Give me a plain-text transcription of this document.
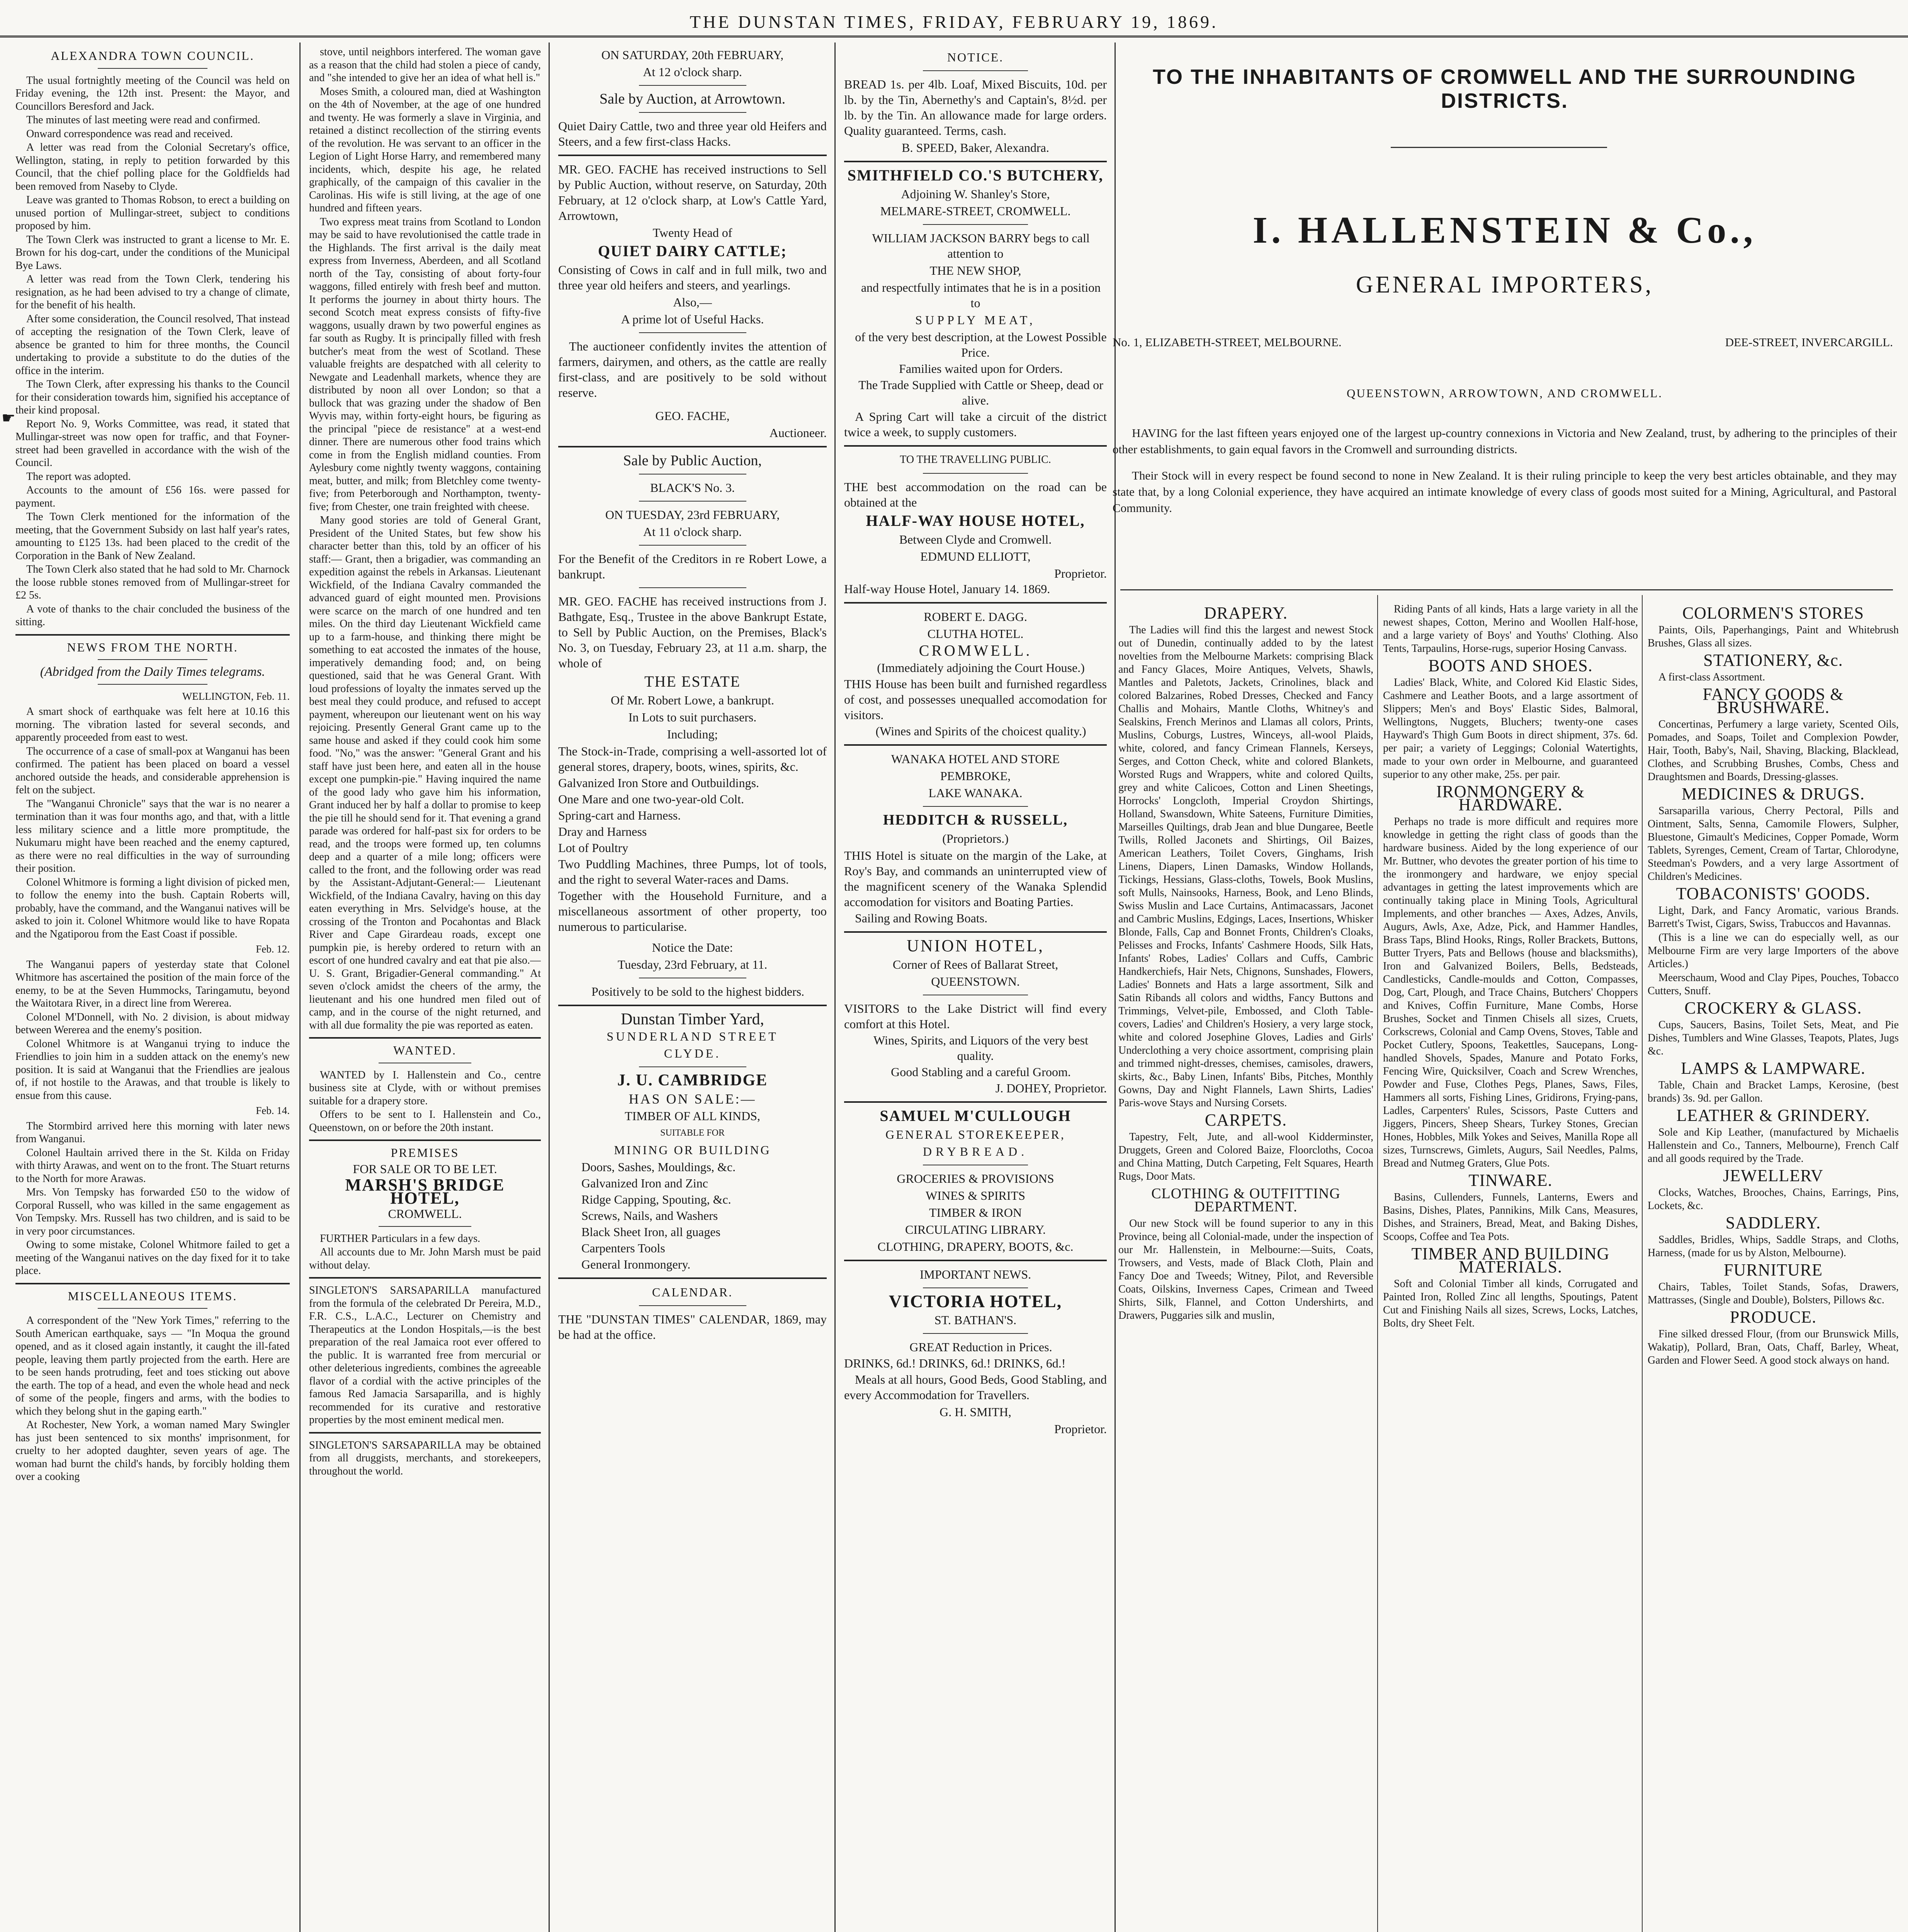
THE DUNSTAN TIMES, FRIDAY, FEBRUARY 19, 1869.
☛
ALEXANDRA TOWN COUNCIL.

The usual fortnightly meeting of the Council was held on Friday evening, the 12th inst. Present: the Mayor, and Councillors Beresford and Jack.

The minutes of last meeting were read and confirmed.

Onward correspondence was read and received.

A letter was read from the Colonial Secretary's office, Wellington, stating, in reply to petition forwarded by this Council, that the chief polling place for the Goldfields had been removed from Naseby to Clyde.

Leave was granted to Thomas Robson, to erect a building on unused portion of Mullingar-street, subject to conditions proposed by him.

The Town Clerk was instructed to grant a license to Mr. E. Brown for his dog-cart, under the conditions of the Municipal Bye Laws.

A letter was read from the Town Clerk, tendering his resignation, as he had been advised to try a change of climate, for the benefit of his health.

After some consideration, the Council resolved, That instead of accepting the resignation of the Town Clerk, leave of absence be granted to him for three months, the Council undertaking to provide a substitute to do the duties of the office in the interim.

The Town Clerk, after expressing his thanks to the Council for their consideration towards him, signified his acceptance of their kind proposal.

Report No. 9, Works Committee, was read, it stated that Mullingar-street was now open for traffic, and that Foyner-street had been gravelled in accordance with the wish of the Council.

The report was adopted.

Accounts to the amount of £56 16s. were passed for payment.

The Town Clerk mentioned for the information of the meeting, that the Government Subsidy on last half year's rates, amounting to £125 13s. had been placed to the credit of the Corporation in the Bank of New Zealand.

The Town Clerk also stated that he had sold to Mr. Charnock the loose rubble stones removed from of Mullingar-street for £2 5s.

A vote of thanks to the chair concluded the business of the sitting.

NEWS FROM THE NORTH.
(Abridged from the Daily Times telegrams.
WELLINGTON, Feb. 11.

A smart shock of earthquake was felt here at 10.16 this morning. The vibration lasted for several seconds, and apparently proceeded from east to west.

The occurrence of a case of small-pox at Wanganui has been confirmed. The patient has been placed on board a vessel anchored outside the heads, and considerable apprehension is felt on the subject.

The "Wanganui Chronicle" says that the war is no nearer a termination than it was four months ago, and that, with a little less military science and a little more promptitude, the Nukumaru might have been reached and the enemy captured, as there were no real difficulties in the way of surrounding their position.

Colonel Whitmore is forming a light division of picked men, to follow the enemy into the bush. Captain Roberts will, probably, have the command, and the Wanganui natives will be asked to join it. Colonel Whitmore would like to have Ropata and the Ngatiporou from the East Coast if possible.

Feb. 12.

The Wanganui papers of yesterday state that Colonel Whitmore has ascertained the position of the main force of the enemy, to be at the Seven Hummocks, Taringamutu, beyond the Waitotara River, in a direct line from Wererea.

Colonel M'Donnell, with No. 2 division, is about midway between Wererea and the enemy's position.

Colonel Whitmore is at Wanganui trying to induce the Friendlies to join him in a sudden attack on the enemy's new position. It is said at Wanganui that the Friendlies are jealous of, if not hostile to the Arawas, and that trouble is likely to ensue from this cause.

Feb. 14.

The Stormbird arrived here this morning with later news from Wanganui.

Colonel Haultain arrived there in the St. Kilda on Friday with thirty Arawas, and went on to the front. The Stuart returns to the North for more Arawas.

Mrs. Von Tempsky has forwarded £50 to the widow of Corporal Russell, who was killed in the same engagement as Von Tempsky. Mrs. Russell has two children, and is said to be in very poor circumstances.

Owing to some mistake, Colonel Whitmore failed to get a meeting of the Wanganui natives on the day fixed for it to take place.

MISCELLANEOUS ITEMS.

A correspondent of the "New York Times," referring to the South American earthquake, says — "In Moqua the ground opened, and as it closed again instantly, it caught the ill-fated people, leaving them partly projected from the earth. Here are to be seen hands protruding, feet and toes sticking out above the earth. The top of a head, and even the whole head and neck of some of the people, fingers and arms, with the bodies to which they belong shut in the gaping earth."

At Rochester, New York, a woman named Mary Swingler has just been sentenced to six months' imprisonment, for cruelty to her adopted daughter, seven years of age. The woman had burnt the child's hands, by forcibly holding them over a cooking

stove, until neighbors interfered. The woman gave as a reason that the child had stolen a piece of candy, and "she intended to give her an idea of what hell is."

Moses Smith, a coloured man, died at Washington on the 4th of November, at the age of one hundred and twenty. He was formerly a slave in Virginia, and retained a distinct recollection of the stirring events of the revolution. He was servant to an officer in the Legion of Light Horse Harry, and remembered many incidents, which, despite his age, he related graphically, of the campaign of this cavalier in the Carolinas. His wife is still living, at the age of one hundred and fifteen years.

Two express meat trains from Scotland to London may be said to have revolutionised the cattle trade in the Highlands. The first arrival is the daily meat express from Inverness, Aberdeen, and all Scotland north of the Tay, consisting of about forty-four waggons, filled entirely with fresh beef and mutton. It performs the journey in about thirty hours. The second Scotch meat express consists of fifty-five waggons, usually drawn by two powerful engines as far south as Rugby. It is principally filled with fresh butcher's meat from the west of Scotland. These valuable freights are despatched with all celerity to Newgate and Leadenhall markets, whence they are distributed by noon all over London; so that a bullock that was grazing under the shadow of Ben Wyvis may, within forty-eight hours, be figuring as the principal "piece de resistance" at a west-end dinner. There are numerous other food trains which come in from the English midland counties. From Aylesbury come nightly twenty waggons, containing meat, butter, and milk; from Bletchley come twenty-five; from Peterborough and Northampton, twenty-five; from Chester, one train freighted with cheese.

Many good stories are told of General Grant, President of the United States, but few show his character better than this, told by an officer of his staff:— Grant, then a brigadier, was commanding an expedition against the rebels in Arkansas. Lieutenant Wickfield, of the Indiana Cavalry commanded the advanced guard of eight mounted men. Provisions were scarce on the march of one hundred and ten miles. On the third day Lieutenant Wickfield came up to a farm-house, and thinking there might be something to eat accosted the inmates of the house, imperatively demanding food; and, on being questioned, said that he was General Grant. With loud professions of loyalty the inmates served up the best meal they could produce, and refused to accept payment, whereupon our lieutenant went on his way rejoicing. Presently General Grant came up to the same house and asked if they could cook him some food. "No," was the answer: "General Grant and his staff have just been here, and eaten all in the house except one pumpkin-pie." Having inquired the name of the good lady who gave him his information, Grant induced her by half a dollar to promise to keep the pie till he should send for it. That evening a grand parade was ordered for half-past six for orders to be read, and the troops were formed up, ten columns deep and a quarter of a mile long; officers were called to the front, and the following order was read by the Assistant-Adjutant-General:— Lieutenant Wickfield, of the Indiana Cavalry, having on this day eaten everything in Mrs. Selvidge's house, at the crossing of the Tronton and Pocahontas and Black River and Cape Girardeau roads, except one pumpkin pie, is hereby ordered to return with an escort of one hundred cavalry and eat that pie also.— U. S. Grant, Brigadier-General commanding." At seven o'clock amidst the cheers of the army, the lieutenant and his one hundred men filed out of camp, and in the course of the night returned, and with all due formality the pie was reported as eaten.

WANTED.

WANTED by I. Hallenstein and Co., centre business site at Clyde, with or without premises suitable for a drapery store.

Offers to be sent to I. Hallenstein and Co., Queenstown, on or before the 20th instant.

PREMISES
FOR SALE OR TO BE LET.
MARSH'S BRIDGE HOTEL,
CROMWELL.

FURTHER Particulars in a few days.

All accounts due to Mr. John Marsh must be paid without delay.

SINGLETON'S SARSAPARILLA manufactured from the formula of the celebrated Dr Pereira, M.D., F.R. C.S., L.A.C., Lecturer on Chemistry and Therapeutics at the London Hospitals,—is the best preparation of the real Jamaica root ever offered to the public. It is warranted free from mercurial or other deleterious ingredients, combines the agreeable flavor of a cordial with the active principles of the famous Red Jamacia Sarsaparilla, and is highly recommended for its curative and restorative properties by the most eminent medical men.

SINGLETON'S SARSAPARILLA may be obtained from all druggists, merchants, and storekeepers, throughout the world.

ON SATURDAY, 20th FEBRUARY,
At 12 o'clock sharp.
Sale by Auction, at Arrowtown.

Quiet Dairy Cattle, two and three year old Heifers and Steers, and a few first-class Hacks.

MR. GEO. FACHE has received instructions to Sell by Public Auction, without reserve, on Saturday, 20th February, at 12 o'clock sharp, at Low's Cattle Yard, Arrowtown,

Twenty Head of
QUIET DAIRY CATTLE;

Consisting of Cows in calf and in full milk, two and three year old heifers and steers, and yearlings.

Also,—
A prime lot of Useful Hacks.

The auctioneer confidently invites the attention of farmers, dairymen, and others, as the cattle are really first-class, and are positively to be sold without reserve.

GEO. FACHE,
Auctioneer.
Sale by Public Auction,
BLACK'S No. 3.
ON TUESDAY, 23rd FEBRUARY,
At 11 o'clock sharp.

For the Benefit of the Creditors in re Robert Lowe, a bankrupt.

MR. GEO. FACHE has received instructions from J. Bathgate, Esq., Trustee in the above Bankrupt Estate, to Sell by Public Auction, on the Premises, Black's No. 3, on Tuesday, February 23, at 11 a.m. sharp, the whole of

THE ESTATE
Of Mr. Robert Lowe, a bankrupt.
In Lots to suit purchasers.
Including;

The Stock-in-Trade, comprising a well-assorted lot of general stores, drapery, boots, wines, spirits, &c.

Galvanized Iron Store and Outbuildings.

One Mare and one two-year-old Colt.

Spring-cart and Harness.

Dray and Harness

Lot of Poultry

Two Puddling Machines, three Pumps, lot of tools, and the right to several Water-races and Dams.

Together with the Household Furniture, and a miscellaneous assortment of other property, too numerous to particularise.

Notice the Date:
Tuesday, 23rd February, at 11.

Positively to be sold to the highest bidders.

Dunstan Timber Yard,
SUNDERLAND STREET
CLYDE.
J. U. CAMBRIDGE
HAS ON SALE:—
TIMBER OF ALL KINDS,
SUITABLE FOR
MINING OR BUILDING

Doors, Sashes, Mouldings, &c.

Galvanized Iron and Zinc

Ridge Capping, Spouting, &c.

Screws, Nails, and Washers

Black Sheet Iron, all guages

Carpenters Tools

General Ironmongery.

CALENDAR.

THE "DUNSTAN TIMES" CALENDAR, 1869, may be had at the office.

NOTICE.

BREAD 1s. per 4lb. Loaf, Mixed Biscuits, 10d. per lb. by the Tin, Abernethy's and Captain's, 8½d. per lb. by the Tin. An allowance made for large orders. Quality guaranteed. Terms, cash.

B. SPEED, Baker, Alexandra.
SMITHFIELD CO.'S BUTCHERY,
Adjoining W. Shanley's Store,
MELMARE-STREET, CROMWELL.

WILLIAM JACKSON BARRY begs to call attention to

THE NEW SHOP,

and respectfully intimates that he is in a position to

SUPPLY MEAT,

of the very best description, at the Lowest Possible Price.

Families waited upon for Orders.

The Trade Supplied with Cattle or Sheep, dead or alive.

A Spring Cart will take a circuit of the district twice a week, to supply customers.

TO THE TRAVELLING PUBLIC.

THE best accommodation on the road can be obtained at the

HALF-WAY HOUSE HOTEL,
Between Clyde and Cromwell.
EDMUND ELLIOTT,
Proprietor.

Half-way House Hotel, January 14. 1869.

ROBERT E. DAGG.
CLUTHA HOTEL.
CROMWELL.

(Immediately adjoining the Court House.)

THIS House has been built and furnished regardless of cost, and possesses unequalled accomodation for visitors.

(Wines and Spirits of the choicest quality.)

WANAKA HOTEL AND STORE
PEMBROKE,
LAKE WANAKA.
HEDDITCH & RUSSELL,
(Proprietors.)

THIS Hotel is situate on the margin of the Lake, at Roy's Bay, and commands an uninterrupted view of the magnificent scenery of the Wanaka Splendid accomodation for visitors and Boating Parties.

Sailing and Rowing Boats.

UNION HOTEL,
Corner of Rees of Ballarat Street,
QUEENSTOWN.

VISITORS to the Lake District will find every comfort at this Hotel.

Wines, Spirits, and Liquors of the very best quality.

Good Stabling and a careful Groom.

J. DOHEY, Proprietor.
SAMUEL M'CULLOUGH
GENERAL STOREKEEPER,
DRYBREAD.
GROCERIES & PROVISIONS
WINES & SPIRITS
TIMBER & IRON
CIRCULATING LIBRARY.
CLOTHING, DRAPERY, BOOTS, &c.
IMPORTANT NEWS.
VICTORIA HOTEL,
ST. BATHAN'S.

GREAT Reduction in Prices.

DRINKS, 6d.! DRINKS, 6d.! DRINKS, 6d.!

Meals at all hours, Good Beds, Good Stabling, and every Accommodation for Travellers.

G. H. SMITH,
Proprietor.
TO THE INHABITANTS OF CROMWELL AND THE SURROUNDING DISTRICTS.
I. HALLENSTEIN & Co.,
GENERAL IMPORTERS,
No. 1, ELIZABETH-STREET, MELBOURNE.	DEE-STREET, INVERCARGILL.
QUEENSTOWN, ARROWTOWN, AND CROMWELL.

HAVING for the last fifteen years enjoyed one of the largest up-country connexions in Victoria and New Zealand, trust, by adhering to the principles of their other establishments, to gain equal favors in the Cromwell and surrounding districts.

Their Stock will in every respect be found second to none in New Zealand. It is their ruling principle to keep the very best articles obtainable, and they may state that, by a long Colonial experience, they have acquired an intimate knowledge of every class of goods most suited for a Mining, Agricultural, and Pastoral Community.

DRAPERY.

The Ladies will find this the largest and newest Stock out of Dunedin, continually added to by the latest novelties from the Melbourne Markets: comprising Black and Fancy Glaces, Moire Antiques, Velvets, Shawls, Mantles and Paletots, Jackets, Crinolines, black and colored Balzarines, Robed Dresses, Checked and Fancy Challis and Mohairs, Mantle Cloths, Whitney's and Sealskins, French Merinos and Llamas all colors, Prints, Muslins, Coburgs, Lustres, Winceys, all-wool Plaids, white, colored, and fancy Crimean Flannels, Kerseys, Serges, and Cotton Check, white and colored Blankets, Worsted Rugs and Wrappers, white and colored Quilts, grey and white Calicoes, Cotton and Linen Sheetings, Horrocks' Longcloth, Imperial Croydon Shirtings, Holland, Swansdown, White Sateens, Furniture Dimities, Marseilles Quiltings, drab Jean and blue Dungaree, Beetle Twills, Rolled Jaconets and Shirtings, Oil Baizes, American Leathers, Toilet Covers, Ginghams, Irish Linens, Diapers, Linen Damasks, Window Hollands, Tickings, Hessians, Glass-cloths, Towels, Book Muslins, soft Mulls, Nainsooks, Harness, Book, and Leno Blinds, Swiss Muslin and Lace Curtains, Antimacassars, Jaconet and Cambric Muslins, Edgings, Laces, Insertions, Whisker Blonde, Falls, Cap and Bonnet Fronts, Children's Cloaks, Pelisses and Frocks, Infants' Cashmere Hoods, Silk Hats, Infants' Robes, Ladies' Collars and Cuffs, Cambric Handkerchiefs, Hair Nets, Chignons, Sunshades, Flowers, Ladies' Bonnets and Hats a large assortment, Silk and Satin Ribands all colors and widths, Fancy Buttons and Trimmings, Velvet-pile, Embossed, and Cloth Table-covers, Ladies' and Children's Hosiery, a very large stock, white and colored Josephine Gloves, Ladies and Girls' Underclothing a very choice assortment, comprising plain and trimmed night-dresses, chemises, camisoles, drawers, skirts, &c., Baby Linen, Infants' Bibs, Pitches, Monthly Gowns, Day and Night Flannels, Lawn Shirts, Ladies' Paris-wove Stays and Nursing Corsets.

CARPETS.

Tapestry, Felt, Jute, and all-wool Kidderminster, Druggets, Green and Colored Baize, Floorcloths, Cocoa and China Matting, Dutch Carpeting, Felt Squares, Hearth Rugs, Door Mats.

CLOTHING & OUTFITTING DEPARTMENT.

Our new Stock will be found superior to any in this Province, being all Colonial-made, under the inspection of our Mr. Hallenstein, in Melbourne:—Suits, Coats, Trowsers, and Vests, made of Black Cloth, Plain and Fancy Doe and Tweeds; Witney, Pilot, and Reversible Coats, Oilskins, Inverness Capes, Crimean and Tweed Shirts, Silk, Flannel, and Cotton Undershirts, and Drawers, Puggaries silk and muslin,

Riding Pants of all kinds, Hats a large variety in all the newest shapes, Cotton, Merino and Woollen Half-hose, and a large variety of Boys' and Youths' Clothing. Also Tents, Tarpaulins, Horse-rugs, superior Hosing Canvass.

BOOTS AND SHOES.

Ladies' Black, White, and Colored Kid Elastic Sides, Cashmere and Leather Boots, and a large assortment of Slippers; Men's and Boys' Elastic Sides, Balmoral, Wellingtons, Nuggets, Bluchers; twenty-one cases Hayward's Thigh Gum Boots in direct shipment, 37s. 6d. per pair; a variety of Leggings; Colonial Watertights, made to your own order in Melbourne, and guaranteed superior to any other make, 25s. per pair.

IRONMONGERY & HARDWARE.

Perhaps no trade is more difficult and requires more knowledge in getting the right class of goods than the hardware business. Aided by the long experience of our Mr. Buttner, who devotes the greater portion of his time to the ironmongery and hardware, we enjoy special advantages in getting the latest improvements which are continually taking place in Mining Tools, Agricultural Implements, and other branches — Axes, Adzes, Anvils, Augurs, Awls, Axe, Adze, Pick, and Hammer Handles, Brass Taps, Blind Hooks, Rings, Roller Brackets, Buttons, Butter Tryers, Pats and Bellows (house and blacksmiths), Iron and Galvanized Boilers, Bells, Bedsteads, Candlesticks, Candle-moulds and Cotton, Compasses, Dog, Cart, Plough, and Trace Chains, Butchers' Choppers and Knives, Coffin Furniture, Mane Combs, Horse Brushes, Socket and Tinmen Chisels all sizes, Cruets, Corkscrews, Colonial and Camp Ovens, Stoves, Table and Pocket Cutlery, Spoons, Teakettles, Saucepans, Long-handled Shovels, Spades, Manure and Potato Forks, Fencing Wire, Quicksilver, Coach and Screw Wrenches, Powder and Fuse, Clothes Pegs, Planes, Saws, Files, Hammers all sorts, Fishing Lines, Gridirons, Frying-pans, Ladles, Carpenters' Rules, Scissors, Paste Cutters and Jiggers, Pincers, Sheep Shears, Turkey Stones, Grecian Hones, Hobbles, Milk Yokes and Seives, Manilla Rope all sizes, Turnscrews, Gimlets, Augurs, Sail Needles, Palms, Bread and Nutmeg Graters, Glue Pots.

TINWARE.

Basins, Cullenders, Funnels, Lanterns, Ewers and Basins, Dishes, Plates, Pannikins, Milk Cans, Measures, Dishes, and Strainers, Bread, Meat, and Baking Dishes, Scoops, Coffee and Tea Pots.

TIMBER AND BUILDING MATERIALS.

Soft and Colonial Timber all kinds, Corrugated and Painted Iron, Rolled Zinc all lengths, Spoutings, Patent Cut and Finishing Nails all sizes, Screws, Locks, Latches, Bolts, dry Sheet Felt.

COLORMEN'S STORES

Paints, Oils, Paperhangings, Paint and Whitebrush Brushes, Glass all sizes.

STATIONERY, &c.

A first-class Assortment.

FANCY GOODS & BRUSHWARE.

Concertinas, Perfumery a large variety, Scented Oils, Pomades, and Soaps, Toilet and Complexion Powder, Hair, Tooth, Baby's, Nail, Shaving, Blacking, Blacklead, Clothes, and Scrubbing Brushes, Combs, Chess and Draughtsmen and Boards, Dressing-glasses.

MEDICINES & DRUGS.

Sarsaparilla various, Cherry Pectoral, Pills and Ointment, Salts, Senna, Camomile Flowers, Sulpher, Bluestone, Gimault's Medicines, Copper Pomade, Worm Tablets, Syrenges, Cement, Cream of Tartar, Chlorodyne, Steedman's Powders, and a very large Assortment of Children's Medicines.

TOBACONISTS' GOODS.

Light, Dark, and Fancy Aromatic, various Brands. Barrett's Twist, Cigars, Swiss, Trabuccos and Havannas.

(This is a line we can do especially well, as our Melbourne Firm are very large Importers of the above Articles.)

Meerschaum, Wood and Clay Pipes, Pouches, Tobacco Cutters, Snuff.

CROCKERY & GLASS.

Cups, Saucers, Basins, Toilet Sets, Meat, and Pie Dishes, Tumblers and Wine Glasses, Teapots, Plates, Jugs &c.

LAMPS & LAMPWARE.

Table, Chain and Bracket Lamps, Kerosine, (best brands) 3s. 9d. per Gallon.

LEATHER & GRINDERY.

Sole and Kip Leather, (manufactured by Michaelis Hallenstein and Co., Tanners, Melbourne), French Calf and all goods required by the Trade.

JEWELLERV

Clocks, Watches, Brooches, Chains, Earrings, Pins, Lockets, &c.

SADDLERY.

Saddles, Bridles, Whips, Saddle Straps, and Cloths, Harness, (made for us by Alston, Melbourne).

FURNITURE

Chairs, Tables, Toilet Stands, Sofas, Drawers, Mattrasses, (Single and Double), Bolsters, Pillows &c.

PRODUCE.

Fine silked dressed Flour, (from our Brunswick Mills, Wakatip), Pollard, Bran, Oats, Chaff, Barley, Wheat, Garden and Flower Seed. A good stock always on hand.
